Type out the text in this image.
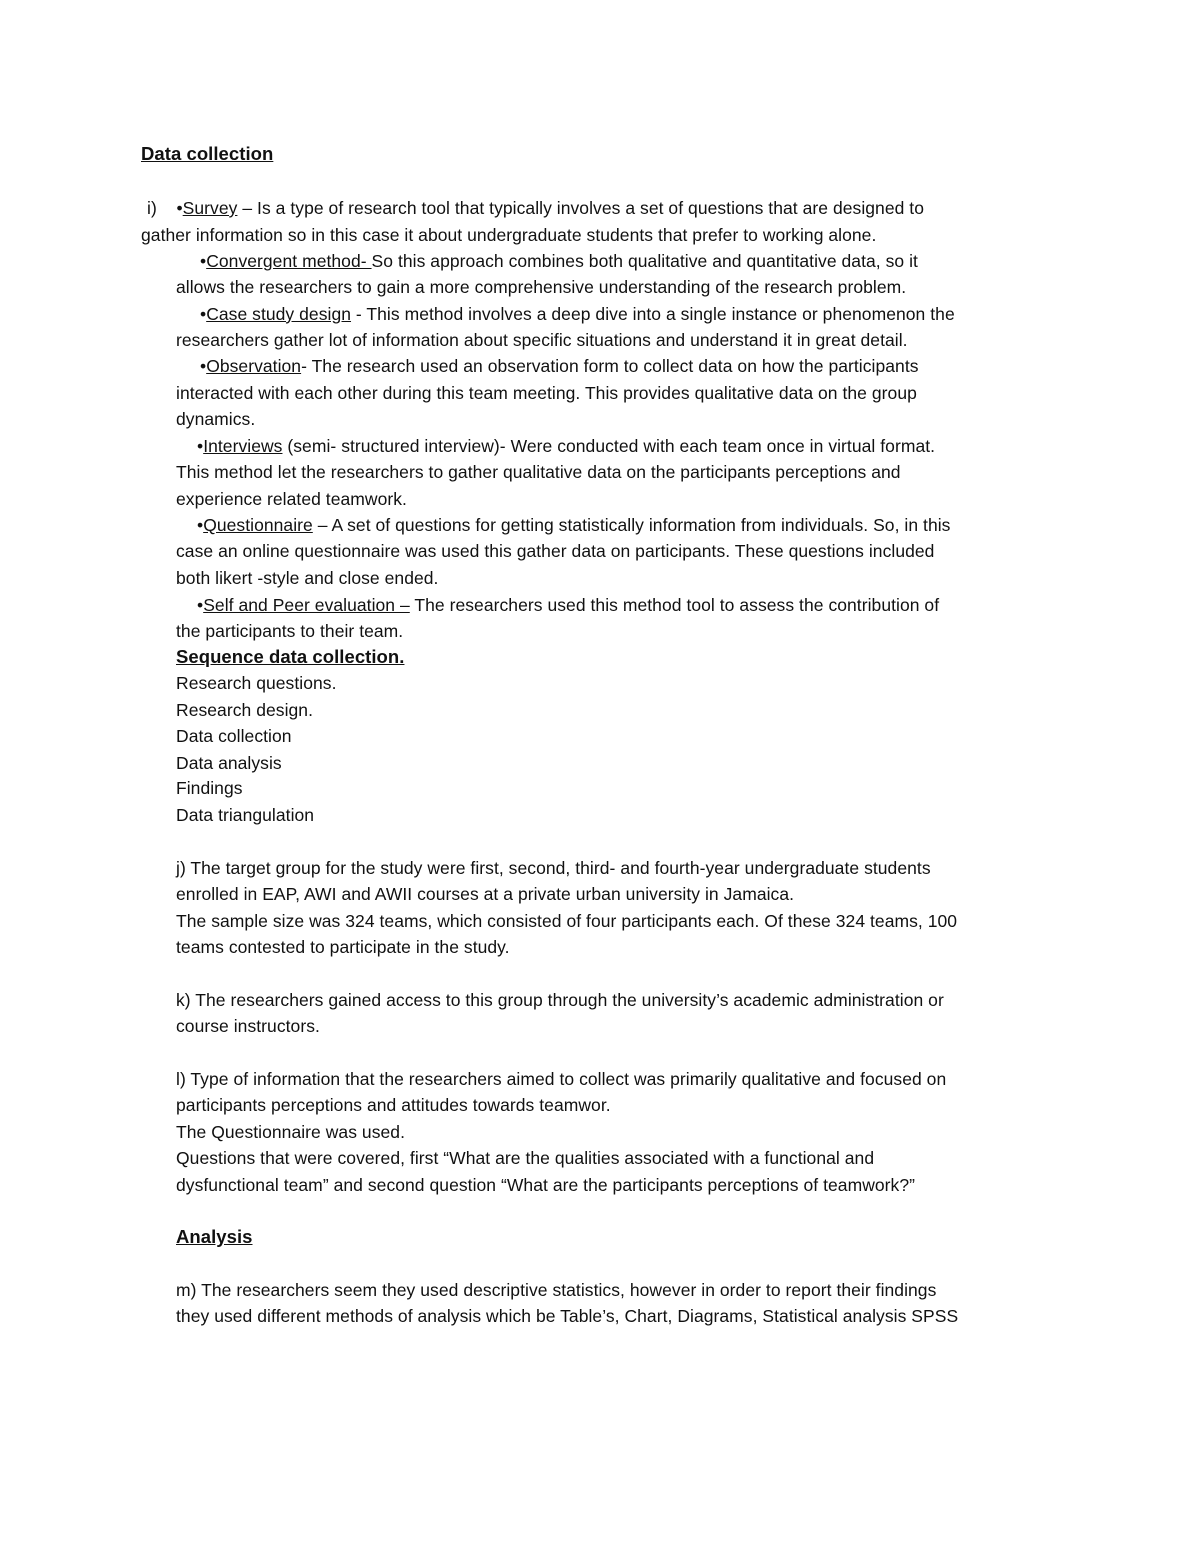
Data collection
i) •Survey – Is a type of research tool that typically involves a set of questions that are designed to
gather information so in this case it about undergraduate students that prefer to working alone.
•Convergent method- So this approach combines both qualitative and quantitative data, so it
allows the researchers to gain a more comprehensive understanding of the research problem.
•Case study design - This method involves a deep dive into a single instance or phenomenon the
researchers gather lot of information about specific situations and understand it in great detail.
•Observation- The research used an observation form to collect data on how the participants
interacted with each other during this team meeting. This provides qualitative data on the group
dynamics.
•Interviews (semi- structured interview)- Were conducted with each team once in virtual format.
This method let the researchers to gather qualitative data on the participants perceptions and
experience related teamwork.
•Questionnaire – A set of questions for getting statistically information from individuals. So, in this
case an online questionnaire was used this gather data on participants. These questions included
both likert -style and close ended.
•Self and Peer evaluation – The researchers used this method tool to assess the contribution of
the participants to their team.
Sequence data collection.
Research questions.
Research design.
Data collection
Data analysis
Findings
Data triangulation
j) The target group for the study were first, second, third- and fourth-year undergraduate students
enrolled in EAP, AWI and AWII courses at a private urban university in Jamaica.
The sample size was 324 teams, which consisted of four participants each. Of these 324 teams, 100
teams contested to participate in the study.
k) The researchers gained access to this group through the university’s academic administration or
course instructors.
l) Type of information that the researchers aimed to collect was primarily qualitative and focused on
participants perceptions and attitudes towards teamwor.
The Questionnaire was used.
Questions that were covered, first “What are the qualities associated with a functional and
dysfunctional team” and second question “What are the participants perceptions of teamwork?”
Analysis
m) The researchers seem they used descriptive statistics, however in order to report their findings
they used different methods of analysis which be Table’s, Chart, Diagrams, Statistical analysis SPSS
